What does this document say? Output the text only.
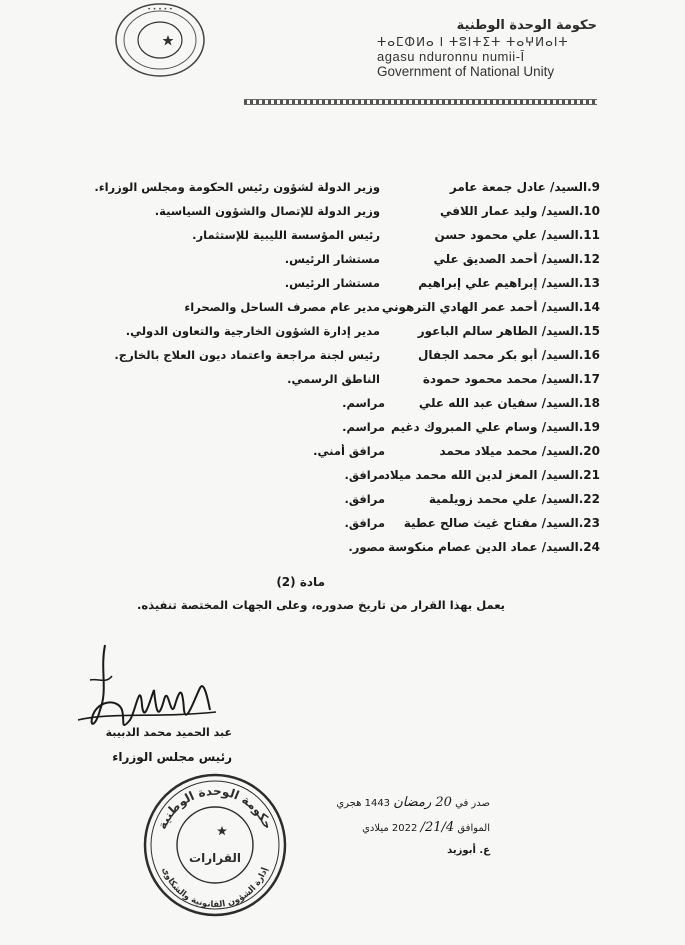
• • • • •
حكومة الوحدة الوطنية
ⵜⴰⵎⵀⵍⴰ ⵏ ⵜⵓⵏⵜⵉⵜ ⵜⴰⵖⵍⴰⵏⵜ
agasu nduronnu numii-Ī
Government of National Unity
9.السيد/ عادل جمعة عامر
وزير الدولة لشؤون رئيس الحكومة ومجلس الوزراء.
10.السيد/ وليد عمار اللافي
وزير الدولة للإتصال والشؤون السياسية.
11.السيد/ علي محمود حسن
رئيس المؤسسة الليبية للإستثمار.
12.السيد/ أحمد الصديق علي
مستشار الرئيس.
13.السيد/ إبراهيم علي إبراهيم
مستشار الرئيس.
14.السيد/ أحمد عمر الهادي الترهوني
مدير عام مصرف الساحل والصحراء
15.السيد/ الطاهر سالم الباعور
مدير إدارة الشؤون الخارجية والتعاون الدولي.
16.السيد/ أبو بكر محمد الجفال
رئيس لجنة مراجعة واعتماد ديون العلاج بالخارج.
17.السيد/ محمد محمود حمودة
الناطق الرسمي.
18.السيد/ سفيان عبد الله علي
مراسم.
19.السيد/ وسام علي المبروك دغيم
مراسم.
20.السيد/ محمد ميلاد محمد
مرافق أمني.
21.السيد/ المعز لدين الله محمد ميلاد
مرافق.
22.السيد/ علي محمد زويلمية
مرافق.
23.السيد/ مفتاح غيث صالح عطية
مرافق.
24.السيد/ عماد الدين عصام منكوسة
مصور.
مادة (2)
يعمل بهذا القرار من تاريخ صدوره، وعلى الجهات المختصة تنفيذه.
عبد الحميد محمد الدبيبة
رئيس مجلس الوزراء
حكومة الوحدة الوطنية
إدارة الشؤون القانونية والشكاوى
القرارات
صدر في 20 رمضان 1443 هجري
الموافق 21/4/ 2022 ميلادي
ع. أبوزيد
